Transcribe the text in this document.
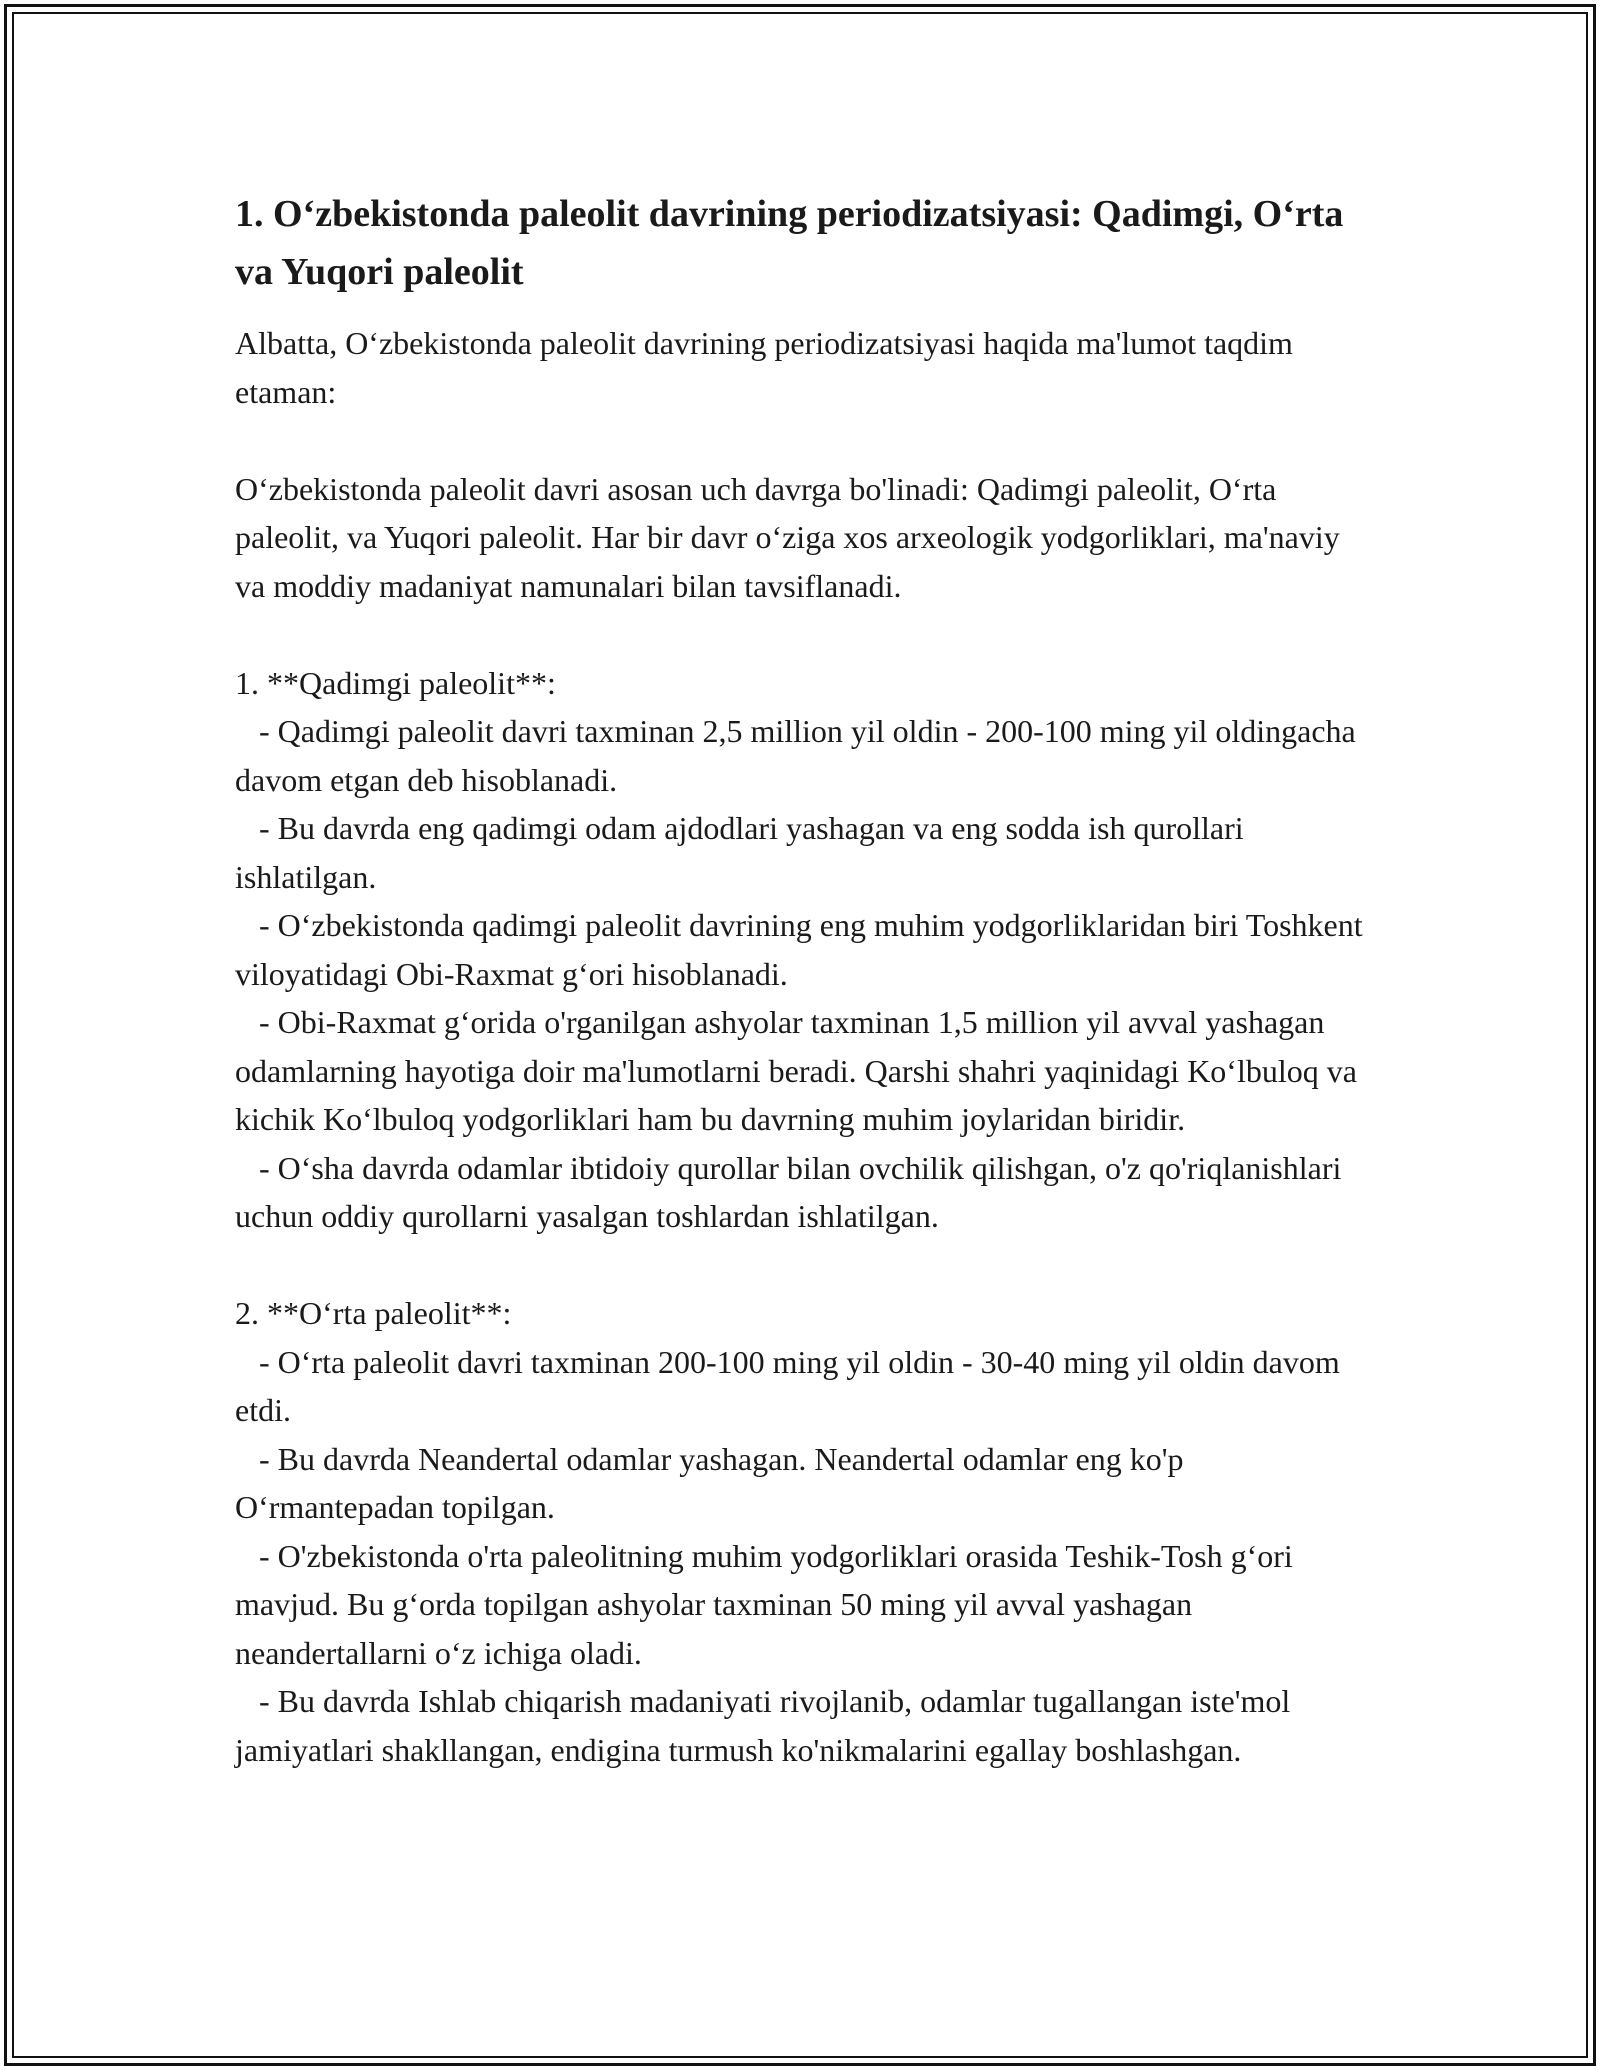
1. O‘zbekistonda paleolit davrining periodizatsiyasi: Qadimgi, O‘rta va Yuqori paleolit
Albatta, O‘zbekistonda paleolit davrining periodizatsiyasi haqida ma'lumot taqdim etaman:

O‘zbekistonda paleolit davri asosan uch davrga bo'linadi: Qadimgi paleolit, O‘rta paleolit, va Yuqori paleolit. Har bir davr o‘ziga xos arxeologik yodgorliklari, ma'naviy va moddiy madaniyat namunalari bilan tavsiflanadi.

1. **Qadimgi paleolit**:
- Qadimgi paleolit davri taxminan 2,5 million yil oldin - 200-100 ming yil oldingacha davom etgan deb hisoblanadi.
- Bu davrda eng qadimgi odam ajdodlari yashagan va eng sodda ish qurollari ishlatilgan.
- O‘zbekistonda qadimgi paleolit davrining eng muhim yodgorliklaridan biri Toshkent viloyatidagi Obi-Raxmat g‘ori hisoblanadi.
- Obi-Raxmat g‘orida o'rganilgan ashyolar taxminan 1,5 million yil avval yashagan odamlarning hayotiga doir ma'lumotlarni beradi. Qarshi shahri yaqinidagi Ko‘lbuloq va kichik Ko‘lbuloq yodgorliklari ham bu davrning muhim joylaridan biridir.
- O‘sha davrda odamlar ibtidoiy qurollar bilan ovchilik qilishgan, o'z qo'riqlanishlari uchun oddiy qurollarni yasalgan toshlardan ishlatilgan.

2. **O‘rta paleolit**:
- O‘rta paleolit davri taxminan 200-100 ming yil oldin - 30-40 ming yil oldin davom etdi.
- Bu davrda Neandertal odamlar yashagan. Neandertal odamlar eng ko'p O‘rmantepadan topilgan.
- O'zbekistonda o'rta paleolitning muhim yodgorliklari orasida Teshik-Tosh g‘ori mavjud. Bu g‘orda topilgan ashyolar taxminan 50 ming yil avval yashagan neandertallarni o‘z ichiga oladi.
- Bu davrda Ishlab chiqarish madaniyati rivojlanib, odamlar tugallangan iste'mol jamiyatlari shakllangan, endigina turmush ko'nikmalarini egallay boshlashgan.
